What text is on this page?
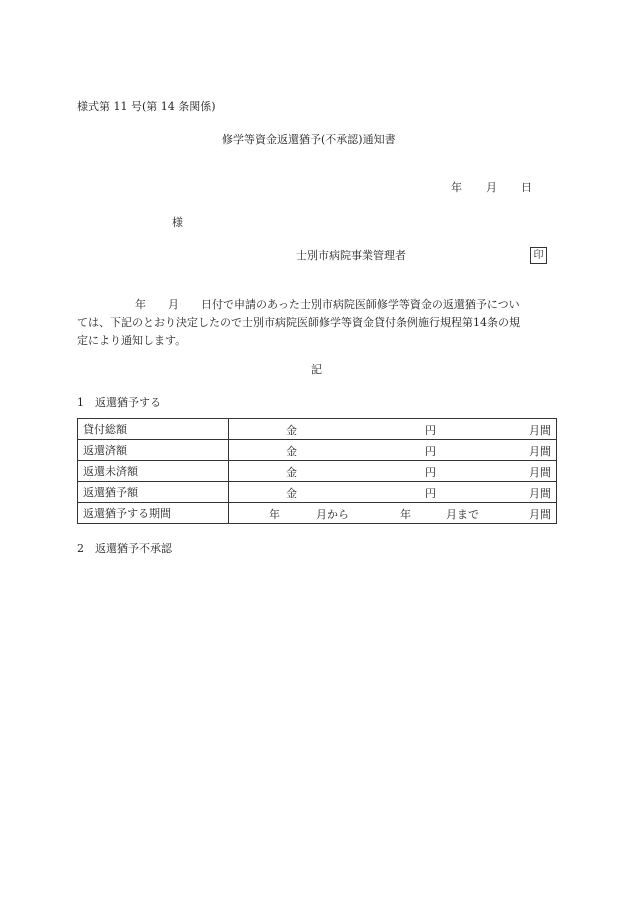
様式第 11 号(第 14 条関係)
修学等資金返還猶予(不承認)通知書
年 月 日
様
士別市病院事業管理者	印
年　　月　　日付で申請のあった士別市病院医師修学等資金の返還猶予につい
ては、下記のとおり決定したので士別市病院医師修学等資金貸付条例施行規程第14条の規
定により通知します。
記
1　返還猶予する
貸付総額	金 円 月間

返還済額	金 円 月間

返還未済額	金 円 月間

返還猶予額	金 円 月間

返還猶予する期間	年 月から 年 月まで 月間
2　返還猶予不承認
